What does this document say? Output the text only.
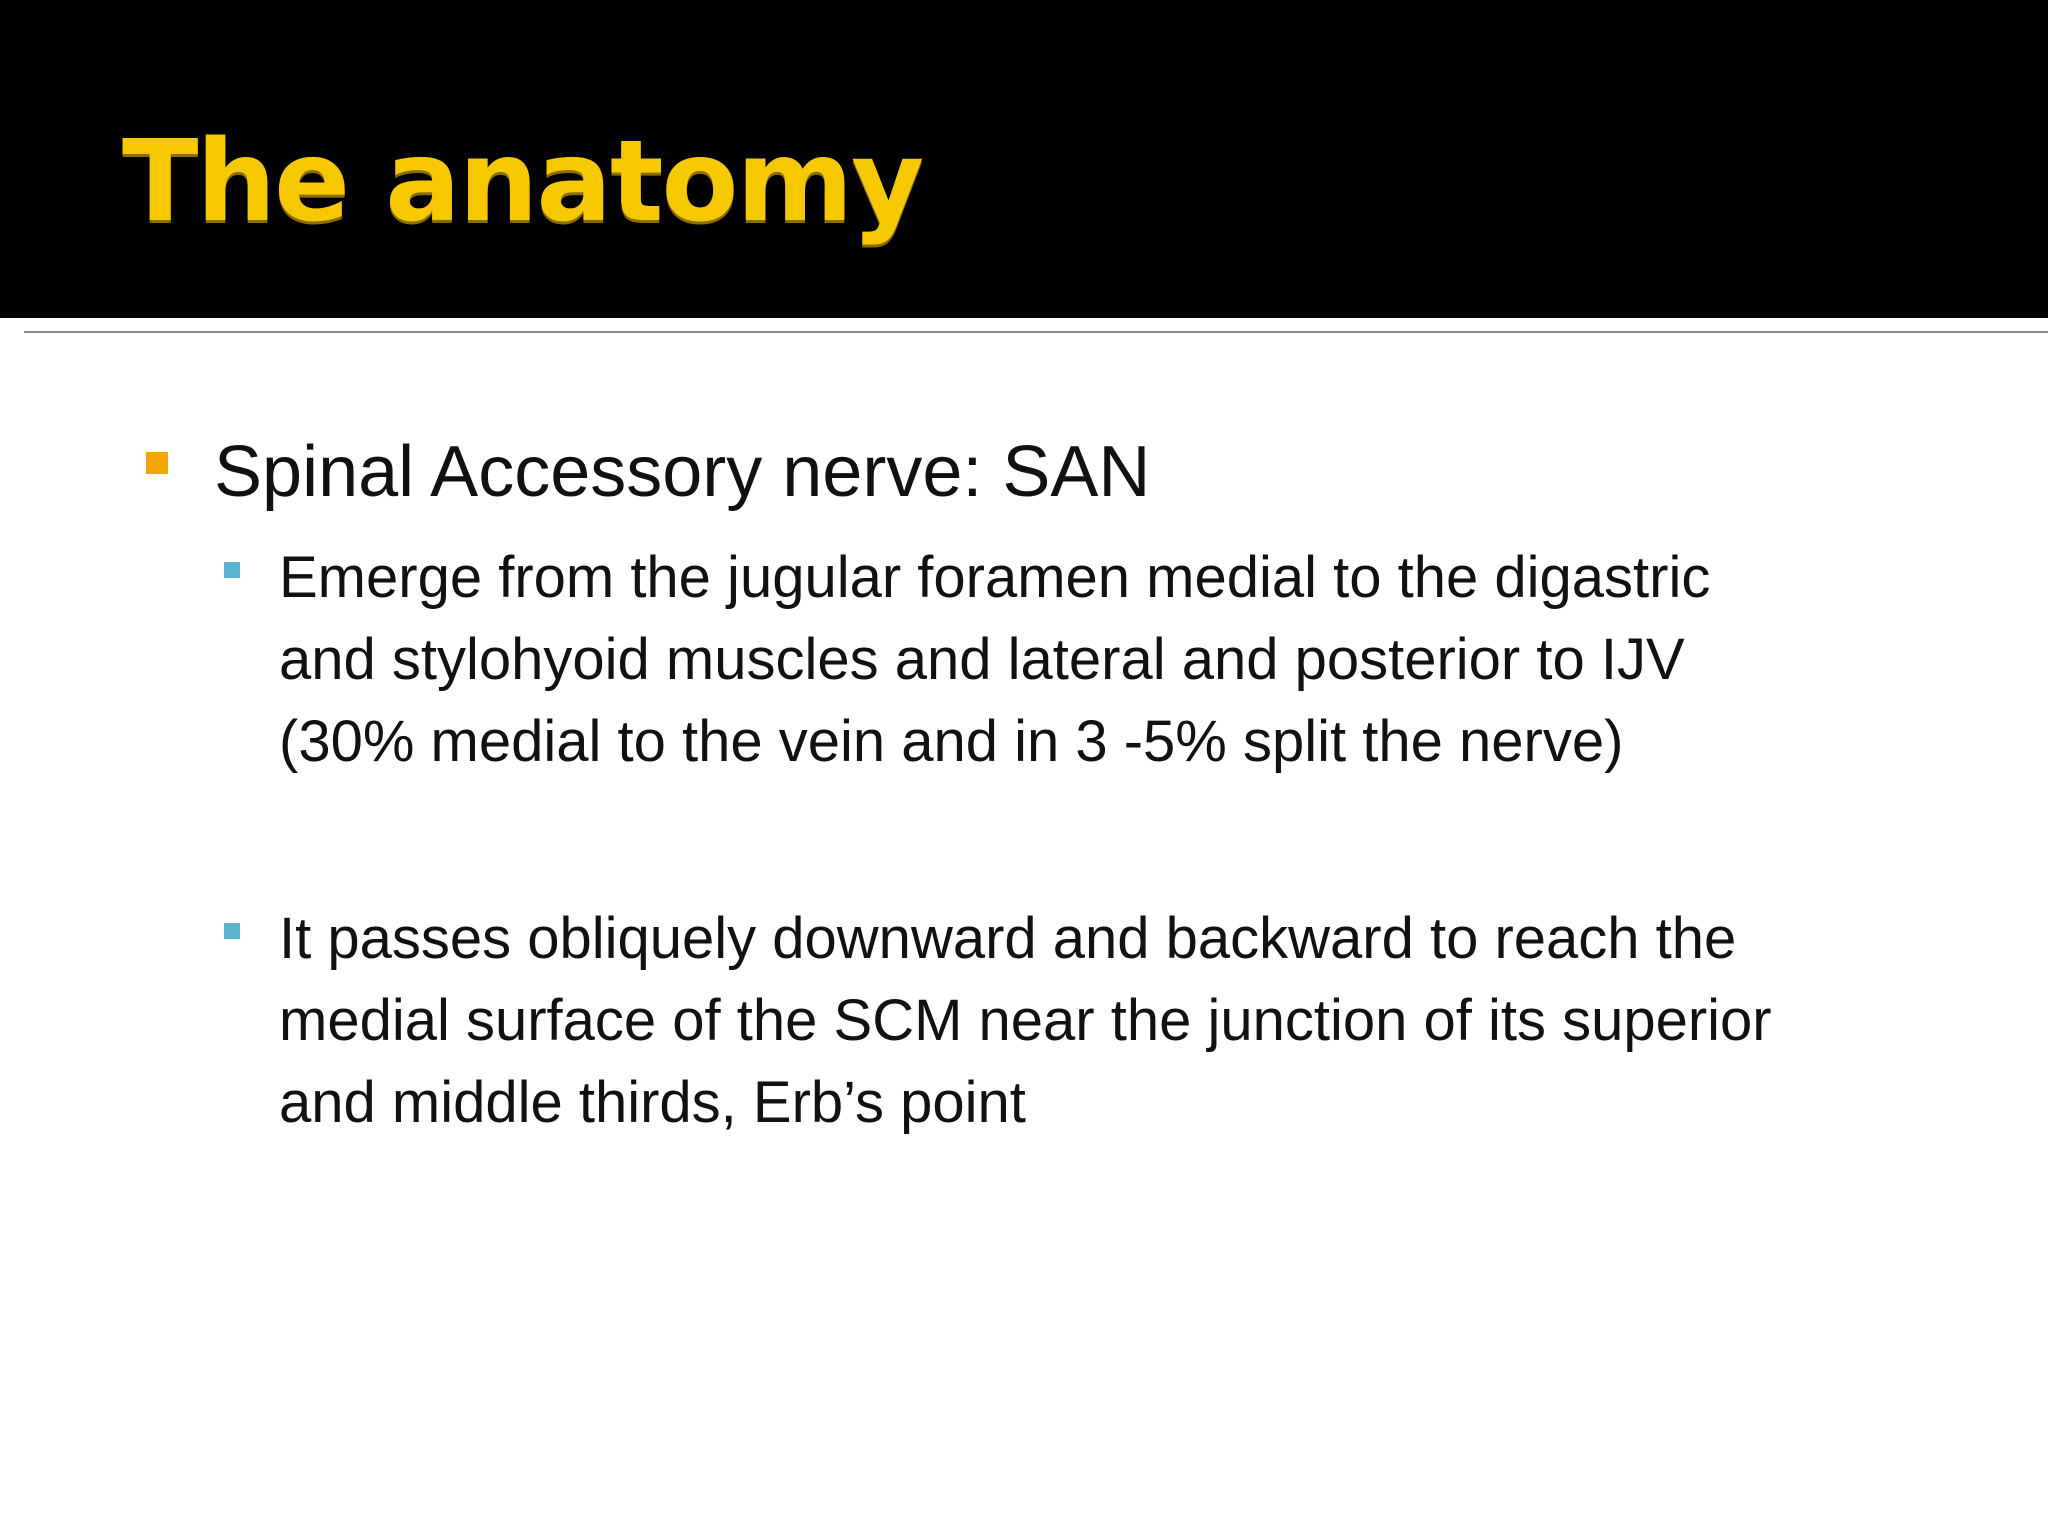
The anatomy

Spinal Accessory nerve: SAN

Emerge from the jugular foramen medial to the digastric
and stylohyoid muscles and lateral and posterior to IJV
(30% medial to the vein and in 3 -5% split the nerve)

It passes obliquely downward and backward to reach the
medial surface of the SCM near the junction of its superior
and middle thirds, Erb’s point
